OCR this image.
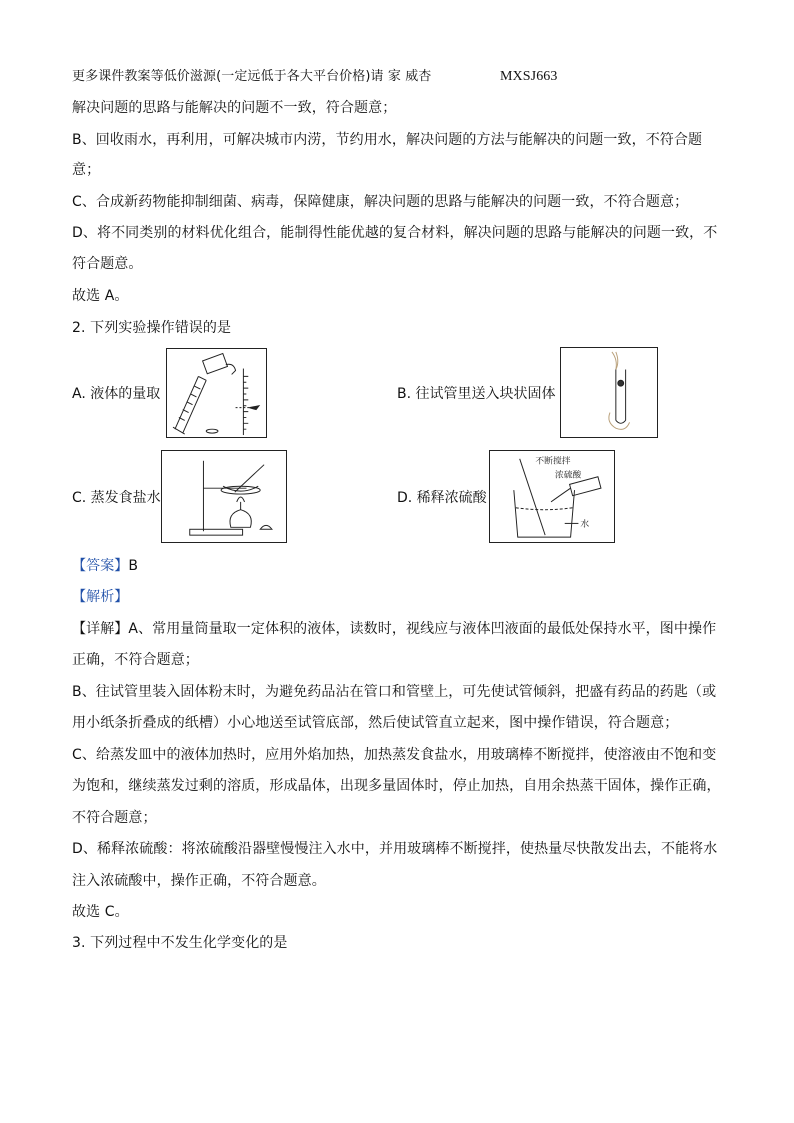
更多课件教案等低价滋源(一定远低于各大平台价格)请 家 威杏	MXSJ663
解决问题的思路与能解决的问题不一致，符合题意；
B、回收雨水，再利用，可解决城市内涝，节约用水，解决问题的方法与能解决的问题一致，不符合题
意；
C、合成新药物能抑制细菌、病毒，保障健康，解决问题的思路与能解决的问题一致，不符合题意；
D、将不同类别的材料优化组合，能制得性能优越的复合材料，解决问题的思路与能解决的问题一致，不
符合题意。
故选 A。
2. 下列实验操作错误的是
A. 液体的量取	B. 往试管里送入块状固体
C. 蒸发食盐水	D. 稀释浓硫酸
不断搅拌
浓硫酸
水
【答案】B
【解析】
【详解】A、常用量筒量取一定体积的液体，读数时，视线应与液体凹液面的最低处保持水平，图中操作
正确，不符合题意；
B、往试管里装入固体粉末时，为避免药品沾在管口和管壁上，可先使试管倾斜，把盛有药品的药匙（或
用小纸条折叠成的纸槽）小心地送至试管底部，然后使试管直立起来，图中操作错误，符合题意；
C、给蒸发皿中的液体加热时，应用外焰加热，加热蒸发食盐水，用玻璃棒不断搅拌，使溶液由不饱和变
为饱和，继续蒸发过剩的溶质，形成晶体，出现多量固体时，停止加热，自用余热蒸干固体，操作正确，
不符合题意；
D、稀释浓硫酸：将浓硫酸沿器壁慢慢注入水中，并用玻璃棒不断搅拌，使热量尽快散发出去，不能将水
注入浓硫酸中，操作正确，不符合题意。
故选 C。
3. 下列过程中不发生化学变化的是
